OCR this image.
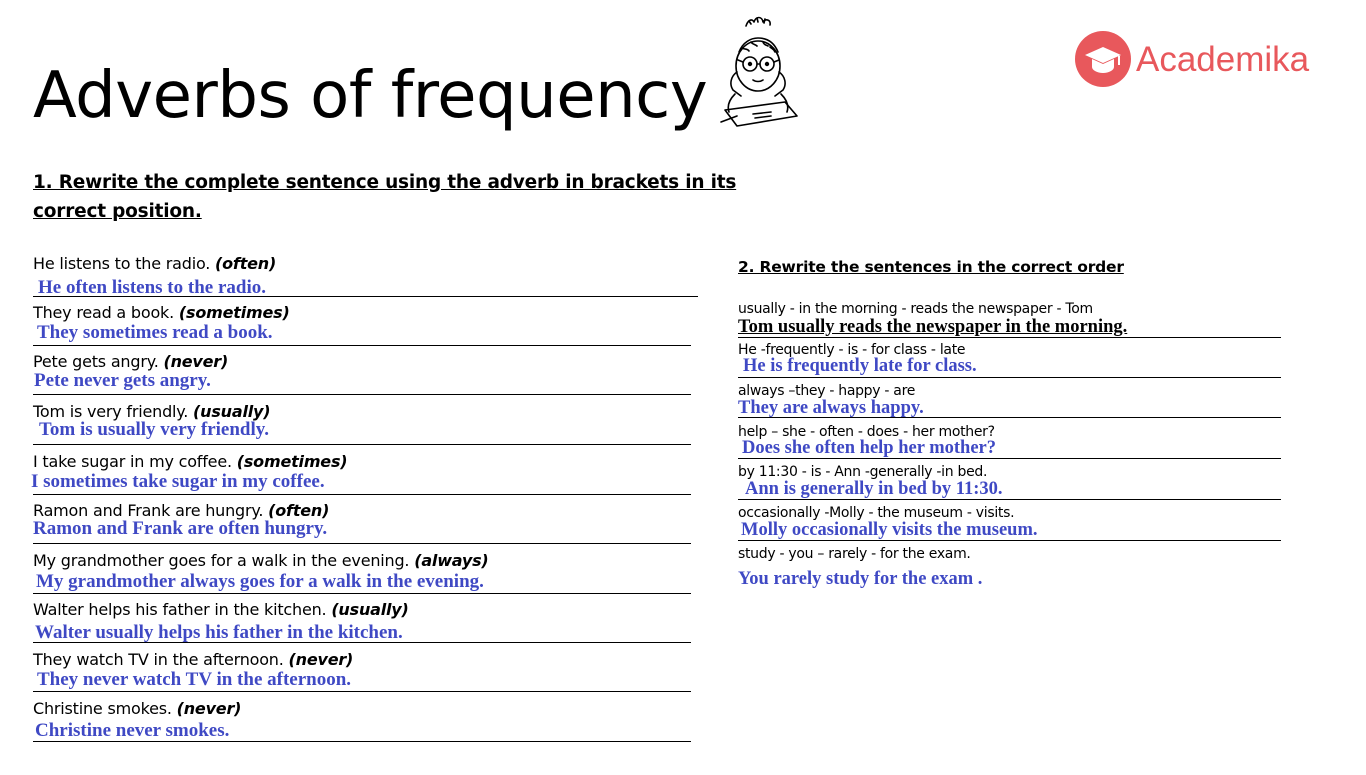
Adverbs of frequency	Academika
1. Rewrite the complete sentence using the adverb in brackets in its correct position.
He listens to the radio. (often)
He often listens to the radio.
They read a book. (sometimes)
They sometimes read a book.
Pete gets angry. (never)
Pete never gets angry.
Tom is very friendly. (usually)
Tom is usually very friendly.
I take sugar in my coffee. (sometimes)
I sometimes take sugar in my coffee.
Ramon and Frank are hungry. (often)
Ramon and Frank are often hungry.
My grandmother goes for a walk in the evening. (always)
My grandmother always goes for a walk in the evening.
Walter helps his father in the kitchen. (usually)
Walter usually helps his father in the kitchen.
They watch TV in the afternoon. (never)
They never watch TV in the afternoon.
Christine smokes. (never)
Christine never smokes.
2. Rewrite the sentences in the correct order
usually - in the morning - reads the newspaper - Tom
Tom usually reads the newspaper in the morning.
He -frequently - is - for class - late
He is frequently late for class.
always –they - happy - are
They are always happy.
help – she - often - does - her mother?
Does she often help her mother?
by 11:30 - is - Ann -generally -in bed.
Ann is generally in bed by 11:30.
occasionally -Molly - the museum - visits.
Molly occasionally visits the museum.
study - you – rarely - for the exam.
You rarely study for the exam .
